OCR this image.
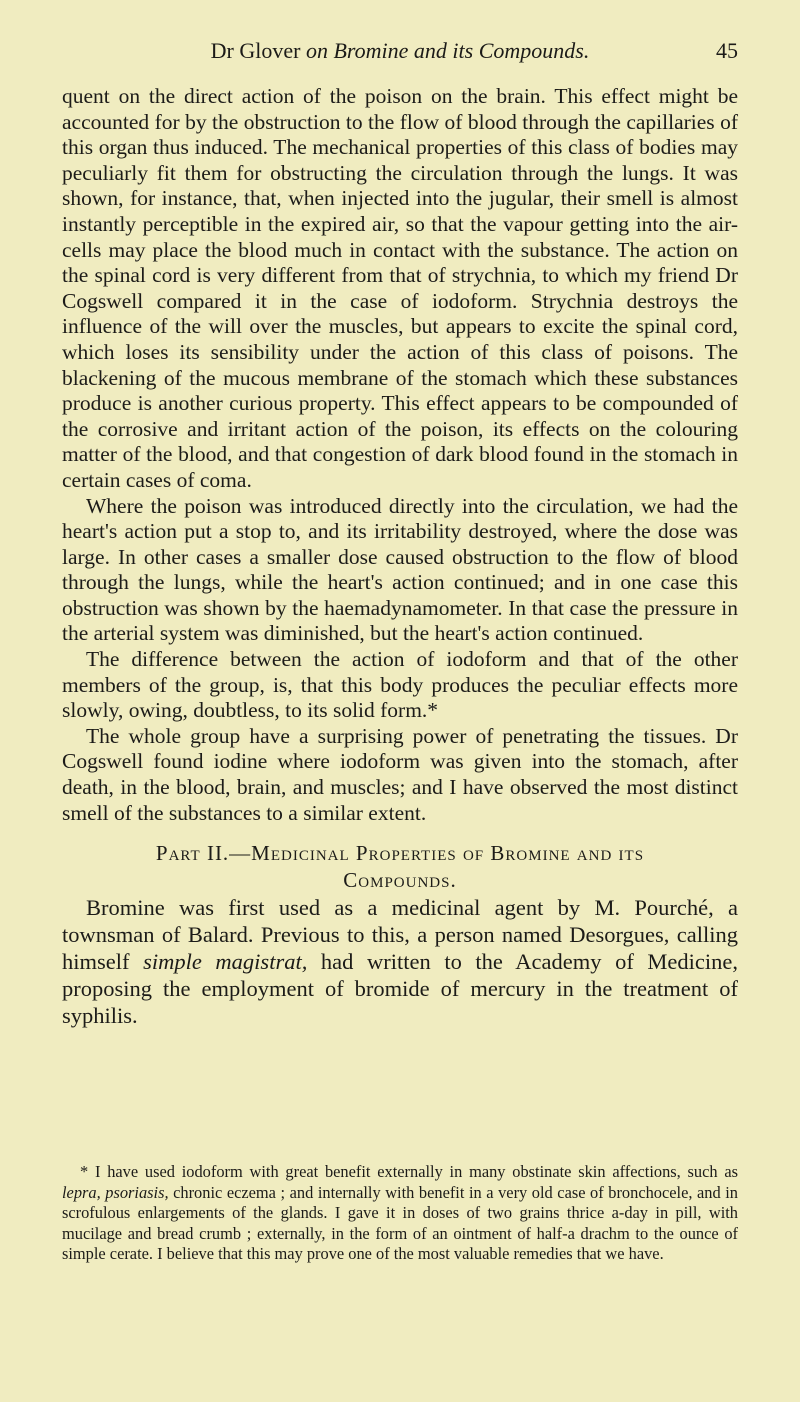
Dr Glover on Bromine and its Compounds.	45

quent on the direct action of the poison on the brain. This effect might be accounted for by the obstruction to the flow of blood through the capillaries of this organ thus induced. The mechanical properties of this class of bodies may peculiarly fit them for obstructing the circulation through the lungs. It was shown, for instance, that, when injected into the jugular, their smell is almost instantly perceptible in the expired air, so that the vapour getting into the air-cells may place the blood much in contact with the substance. The action on the spinal cord is very different from that of strychnia, to which my friend Dr Cogswell compared it in the case of iodoform. Strychnia destroys the influence of the will over the muscles, but appears to excite the spinal cord, which loses its sensibility under the action of this class of poisons. The blackening of the mucous membrane of the stomach which these substances produce is another curious property. This effect appears to be compounded of the corrosive and irritant action of the poison, its effects on the colouring matter of the blood, and that congestion of dark blood found in the stomach in certain cases of coma.

Where the poison was introduced directly into the circulation, we had the heart's action put a stop to, and its irritability destroyed, where the dose was large. In other cases a smaller dose caused obstruction to the flow of blood through the lungs, while the heart's action continued; and in one case this obstruction was shown by the haemadynamometer. In that case the pressure in the arterial system was diminished, but the heart's action continued.

The difference between the action of iodoform and that of the other members of the group, is, that this body produces the peculiar effects more slowly, owing, doubtless, to its solid form.*

The whole group have a surprising power of penetrating the tissues. Dr Cogswell found iodine where iodoform was given into the stomach, after death, in the blood, brain, and muscles; and I have observed the most distinct smell of the substances to a similar extent.

Part II.—Medicinal Properties of Bromine and its
Compounds.

Bromine was first used as a medicinal agent by M. Pourché, a townsman of Balard. Previous to this, a person named Desorgues, calling himself simple magistrat, had written to the Academy of Medicine, proposing the employment of bromide of mercury in the treatment of syphilis.

* I have used iodoform with great benefit externally in many obstinate skin affections, such as lepra, psoriasis, chronic eczema ; and internally with benefit in a very old case of bronchocele, and in scrofulous enlargements of the glands. I gave it in doses of two grains thrice a-day in pill, with mucilage and bread crumb ; externally, in the form of an ointment of half-a drachm to the ounce of simple cerate. I believe that this may prove one of the most valuable remedies that we have.
